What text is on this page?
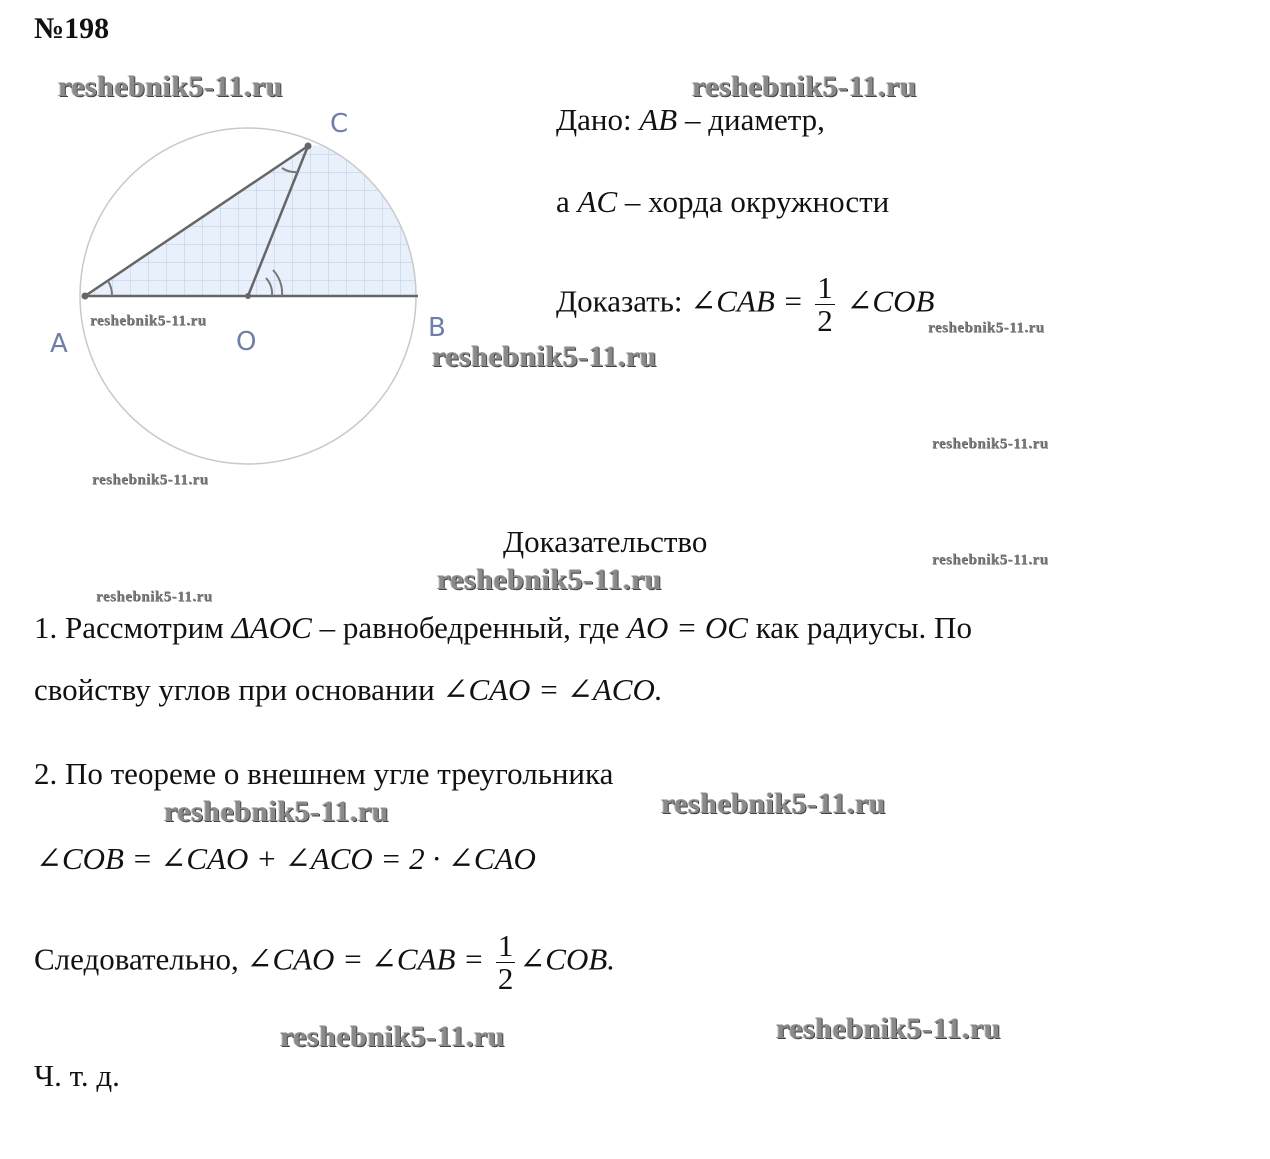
№198
A	O	B
C	Дано: AB – диаметр,
а AC – хорда окружности
Доказать: ∠CAB = $\frac{1}{2}$ ∠COB
Доказательство
1. Рассмотрим ΔAOC – равнобедренный, где AO = OC как радиусы. По
свойству углов при основании ∠CAO = ∠ACO.
2. По теореме о внешнем угле треугольника
∠COB = ∠CAO + ∠ACO = 2 · ∠CAO
Следовательно, ∠CAO = ∠CAB = $\frac{1}{2}$ ∠COB.
Ч. т. д.
reshebnik5-11.ru	reshebnik5-11.ru
reshebnik5-11.ru	reshebnik5-11.ru
reshebnik5-11.ru
reshebnik5-11.ru
reshebnik5-11.ru
reshebnik5-11.ru
reshebnik5-11.ru
reshebnik5-11.ru
reshebnik5-11.ru	reshebnik5-11.ru
reshebnik5-11.ru	reshebnik5-11.ru
